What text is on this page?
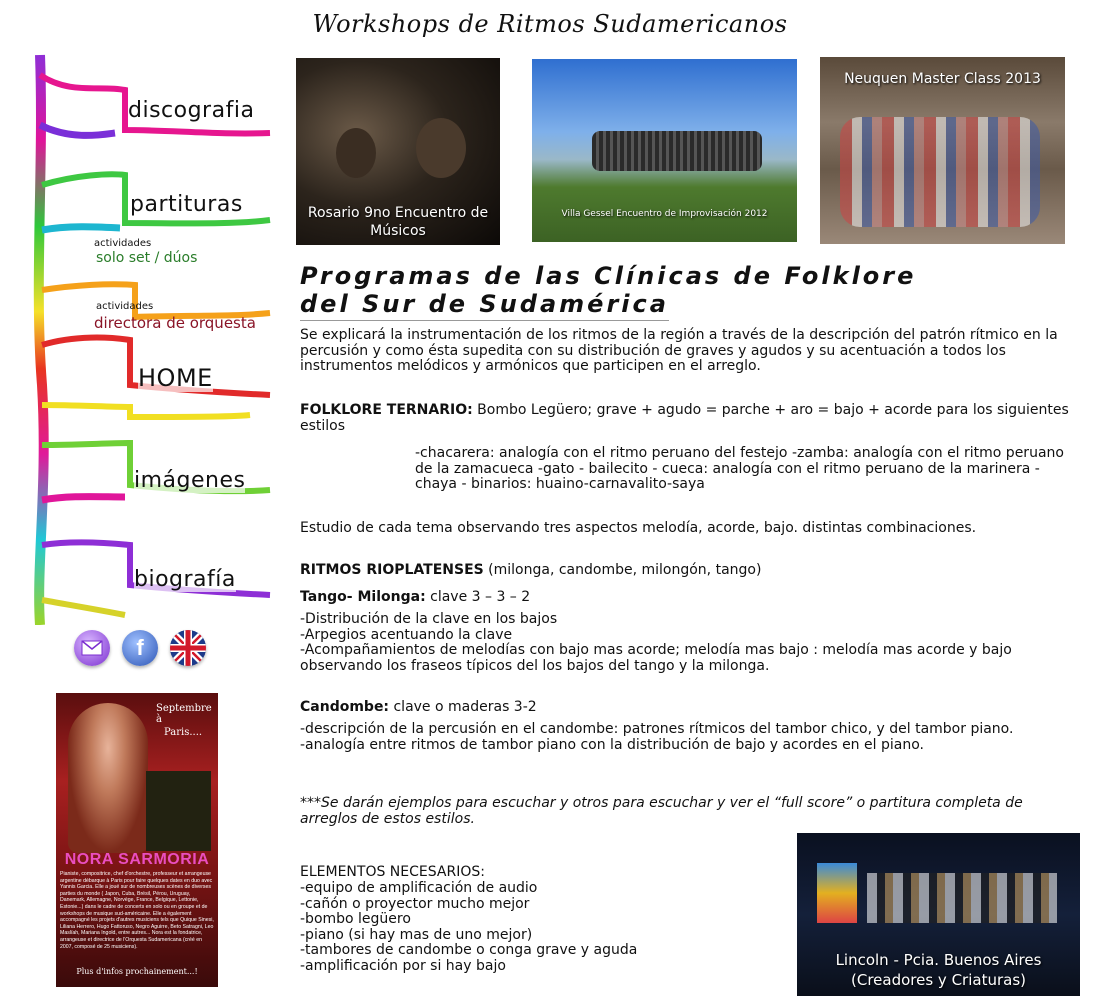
Workshops de Ritmos Sudamericanos
discografia
partituras
actividades
solo set / dúos
actividades
directora de orquesta
HOME
imágenes
biografía
f
Septembre à
Paris....
NORA SARMORIA
Pianiste, compositrice, chef d'orchestre, professeur et arrangeuse argentine débarque à Paris pour faire quelques dates en duo avec Yannis Garcia. Elle a joué sur de nombreuses scènes de diverses parties du monde ( Japon, Cuba, Brésil, Pérou, Uruguay, Danemark, Allemagne, Norvège, France, Belgique, Lettonie, Estonie...) dans le cadre de concerts en solo ou en groupe et de workshops de musique sud-américaine. Elle a également accompagné les projets d'autres musiciens tels que Quique Sinesi, Liliana Herrero, Hugo Fattoruso, Negro Aguirre, Beto Satragni, Leo Maslïah, Mariana Ingold, entre autres... Nora est la fondatrice, arrangeuse et directrice de l'Orquesta Sudamericana (créé en 2007, composé de 25 musiciens).
Plus d'infos prochainement...!
Rosario 9no Encuentro de Músicos
Villa Gessel Encuentro de Improvisación 2012
Neuquen Master Class 2013
Lincoln - Pcia. Buenos Aires
(Creadores y Criaturas)
Programas de las Clínicas de Folklore
del Sur de Sudamérica
Se explicará la instrumentación de los ritmos de la región a través de la descripción del patrón rítmico en la percusión y como ésta supedita con su distribución de graves y agudos y su acentuación a todos los instrumentos melódicos y armónicos que participen en el arreglo.
FOLKLORE TERNARIO: Bombo Legüero; grave + agudo = parche + aro = bajo + acorde para los siguientes estilos
-chacarera: analogía con el ritmo peruano del festejo -zamba: analogía con el ritmo peruano de la zamacueca -gato - bailecito - cueca: analogía con el ritmo peruano de la marinera - chaya - binarios: huaino-carnavalito-saya
Estudio de cada tema observando tres aspectos melodía, acorde, bajo. distintas combinaciones.
RITMOS RIOPLATENSES (milonga, candombe, milongón, tango)
Tango- Milonga: clave 3 – 3 – 2
-Distribución de la clave en los bajos
-Arpegios acentuando la clave
-Acompañamientos de melodías con bajo mas acorde; melodía mas bajo : melodía mas acorde y bajo observando los fraseos típicos del los bajos del tango y la milonga.
Candombe: clave o maderas 3-2
-descripción de la percusión en el candombe: patrones rítmicos del tambor chico, y del tambor piano.
-analogía entre ritmos de tambor piano con la distribución de bajo y acordes en el piano.
***Se darán ejemplos para escuchar y otros para escuchar y ver el “full score” o partitura completa de arreglos de estos estilos.
ELEMENTOS NECESARIOS:
-equipo de amplificación de audio
-cañón o proyector mucho mejor
-bombo legüero
-piano (si hay mas de uno mejor)
-tambores de candombe o conga grave y aguda
-amplificación por si hay bajo
